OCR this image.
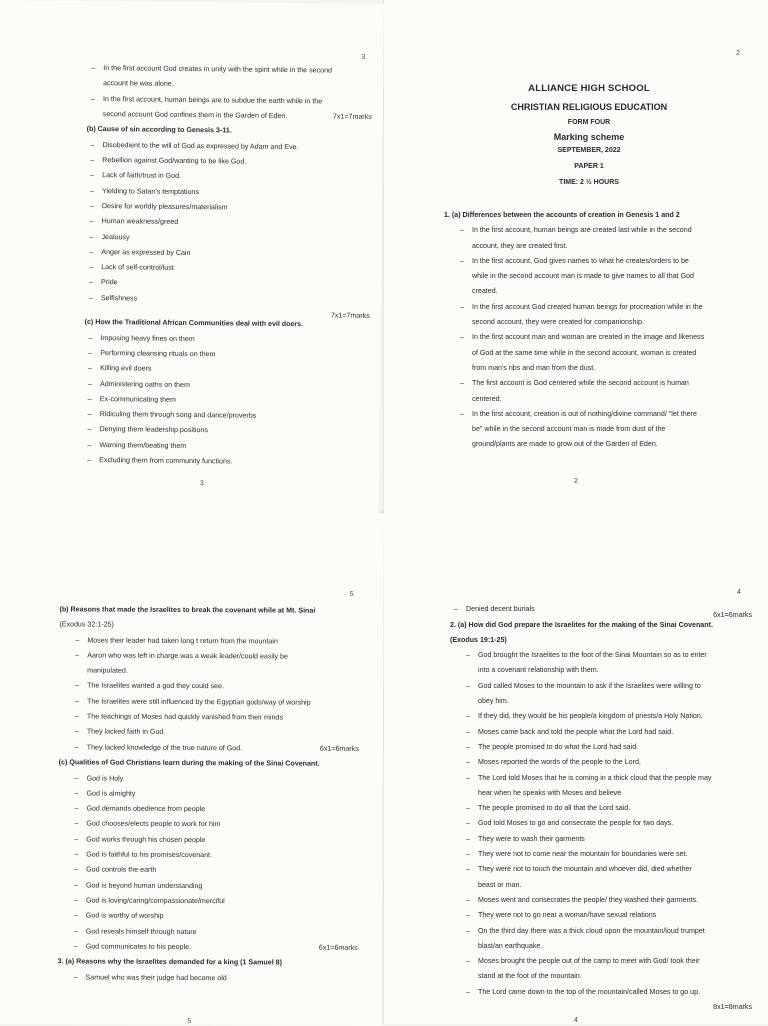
3
– In the first account God creates in unity with the spirit while in the second
account he was alone.
– In the first account, human beings are to subdue the earth while in the
second account God confines them in the Garden of Eden.	7x1=7marks
(b) Cause of sin according to Genesis 3-11.
– Disobedient to the will of God as expressed by Adam and Eve.
– Rebellion against God/wanting to be like God.
– Lack of faith/trust in God.
– Yielding to Satan's temptations
– Desire for worldly pleasures/materialism
– Human weakness/greed
– Jealousy
– Anger as expressed by Cain
– Lack of self-control/lust
– Pride
– Selfishness
7x1=7marks
(c) How the Traditional African Communities deal with evil doers.
– Imposing heavy fines on them
– Performing cleansing rituals on them
– Killing evil doers
– Administering oaths on them
– Ex-communicating them
– Ridiculing them through song and dance/proverbs
– Denying them leadership positions
– Warning them/beating them
– Excluding them from community functions.
3
2
ALLIANCE HIGH SCHOOL
CHRISTIAN RELIGIOUS EDUCATION
FORM FOUR
Marking scheme
SEPTEMBER, 2022
PAPER 1
TIME: 2 ½ HOURS
1. (a) Differences between the accounts of creation in Genesis 1 and 2
– In the first account, human beings are created last while in the second
account, they are created first.
– In the first account, God gives names to what he creates/orders to be
while in the second account man is made to give names to all that God
created.
– In the first account God created human beings for procreation while in the
second account, they were created for companionship.
– In the first account man and woman are created in the image and likeness
of God at the same time while in the second account, woman is created
from man's ribs and man from the dust.
– The first account is God centered while the second account is human
centered.
– In the first account, creation is out of nothing/divine command/ "let there
be" while in the second account man is made from dust of the
ground/plants are made to grow out of the Garden of Eden.
2
5
(b) Reasons that made the Israelites to break the covenant while at Mt. Sinai
(Exodus 32:1-25)
– Moses their leader had taken long t return from the mountain
– Aaron who was left in charge was a weak leader/could easily be
manipulated.
– The Israelites wanted a god they could see.
– The Israelites were still influenced by the Egyptian gods/way of worship
– The teachings of Moses had quickly vanished from their minds
– They lacked faith in God.
– They lacked knowledge of the true nature of God.	6x1=6marks
(c) Qualities of God Christians learn during the making of the Sinai Covenant.
– God is Holy
– God is almighty
– God demands obedience from people
– God chooses/elects people to work for him
– God works through his chosen people
– God is faithful to his promises/covenant.
– God controls the earth
– God is beyond human understanding
– God is loving/caring/compassionate/merciful
– God is worthy of worship
– God reveals himself through nature
– God communicates to his people.	6x1=6marks
3. (a) Reasons why the Israelites demanded for a king (1 Samuel 8)
– Samuel who was their judge had become old
5
4
– Denied decent burials
6x1=6marks
2. (a) How did God prepare the Israelites for the making of the Sinai Covenant.
(Exodus 19:1-25)
– God brought the Israelites to the foot of the Sinai Mountain so as to enter
into a covenant relationship with them.
– God called Moses to the mountain to ask if the Israelites were willing to
obey him.
– If they did, they would be his people/a kingdom of priests/a Holy Nation.
– Moses came back and told the people what the Lord had said.
– The people promised to do what the Lord had said.
– Moses reported the words of the people to the Lord.
– The Lord told Moses that he is coming in a thick cloud that the people may
hear when he speaks with Moses and believe
– The people promised to do all that the Lord said.
– God told Moses to go and consecrate the people for two days.
– They were to wash their garments
– They were not to come near the mountain for boundaries were set.
– They were not to touch the mountain and whoever did, died whether
beast or man.
– Moses went and consecrates the people/ they washed their garments.
– They were not to go near a woman/have sexual relations
– On the third day there was a thick cloud upon the mountain/loud trumpet
blast/an earthquake.
– Moses brought the people out of the camp to meet with God/ took their
stand at the foot of the mountain.
– The Lord came down to the top of the mountain/called Moses to go up.
8x1=8marks
4
